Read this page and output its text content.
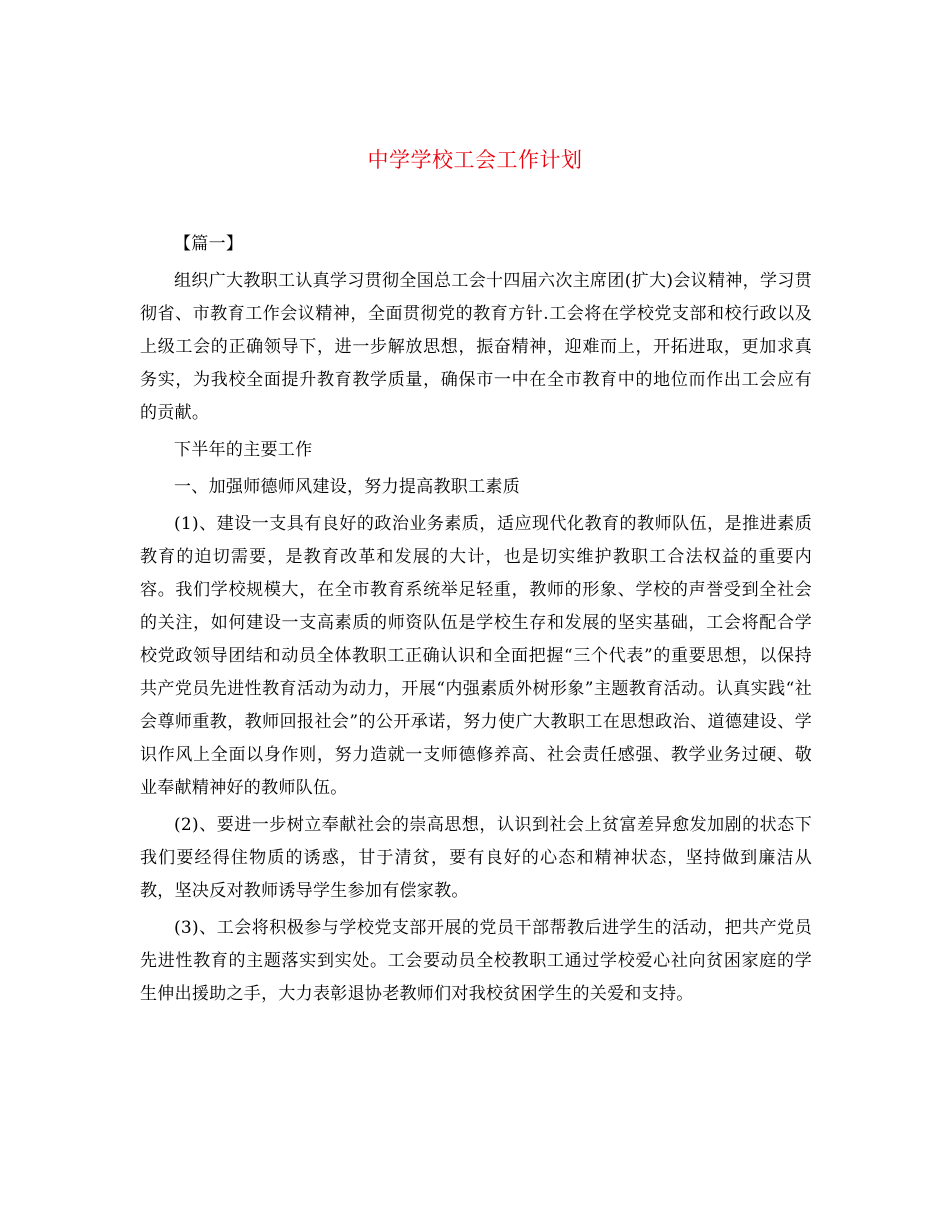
中学学校工会工作计划

【篇一】

组织广大教职工认真学习贯彻全国总工会十四届六次主席团(扩大)会议精神，学习贯彻省、市教育工作会议精神，全面贯彻党的教育方针.工会将在学校党支部和校行政以及上级工会的正确领导下，进一步解放思想，振奋精神，迎难而上，开拓进取，更加求真务实，为我校全面提升教育教学质量，确保市一中在全市教育中的地位而作出工会应有的贡献。

下半年的主要工作

一、加强师德师风建设，努力提高教职工素质

(1)、建设一支具有良好的政治业务素质，适应现代化教育的教师队伍，是推进素质教育的迫切需要，是教育改革和发展的大计，也是切实维护教职工合法权益的重要内容。我们学校规模大，在全市教育系统举足轻重，教师的形象、学校的声誉受到全社会的关注，如何建设一支高素质的师资队伍是学校生存和发展的坚实基础，工会将配合学校党政领导团结和动员全体教职工正确认识和全面把握“三个代表”的重要思想，以保持共产党员先进性教育活动为动力，开展“内强素质外树形象”主题教育活动。认真实践“社会尊师重教，教师回报社会”的公开承诺，努力使广大教职工在思想政治、道德建设、学识作风上全面以身作则，努力造就一支师德修养高、社会责任感强、教学业务过硬、敬业奉献精神好的教师队伍。

(2)、要进一步树立奉献社会的崇高思想，认识到社会上贫富差异愈发加剧的状态下我们要经得住物质的诱惑，甘于清贫，要有良好的心态和精神状态，坚持做到廉洁从教，坚决反对教师诱导学生参加有偿家教。

(3)、工会将积极参与学校党支部开展的党员干部帮教后进学生的活动，把共产党员先进性教育的主题落实到实处。工会要动员全校教职工通过学校爱心社向贫困家庭的学生伸出援助之手，大力表彰退协老教师们对我校贫困学生的关爱和支持。
